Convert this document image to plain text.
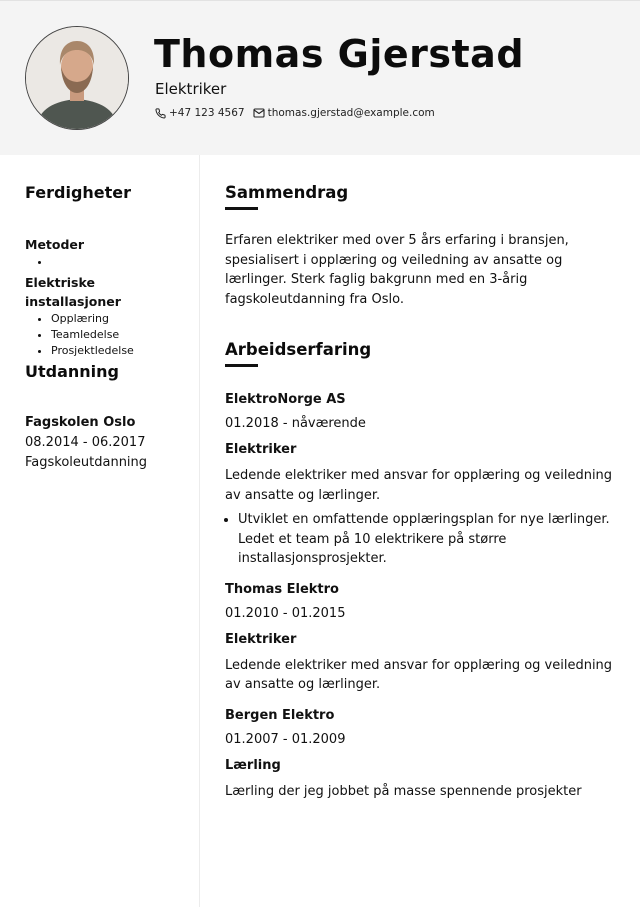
Thomas Gjerstad
Elektriker
+47 123 4567 thomas.gjerstad@example.com
Ferdigheter

Metoder

•

Elektriske installasjoner

• Opplæring
• Teamledelse
• Prosjektledelse
Utdanning

Fagskolen Oslo

08.2014 - 06.2017

Fagskoleutdanning

Sammendrag

Erfaren elektriker med over 5 års erfaring i bransjen, spesialisert i opplæring og veiledning av ansatte og lærlinger. Sterk faglig bakgrunn med en 3-årig fagskoleutdanning fra Oslo.

Arbeidserfaring

ElektroNorge AS

01.2018 - nåværende

Elektriker

Ledende elektriker med ansvar for opplæring og veiledning av ansatte og lærlinger.

• Utviklet en omfattende opplæringsplan for nye lærlinger. Ledet et team på 10 elektrikere på større installasjonsprosjekter.

Thomas Elektro

01.2010 - 01.2015

Elektriker

Ledende elektriker med ansvar for opplæring og veiledning av ansatte og lærlinger.

Bergen Elektro

01.2007 - 01.2009

Lærling

Lærling der jeg jobbet på masse spennende prosjekter
